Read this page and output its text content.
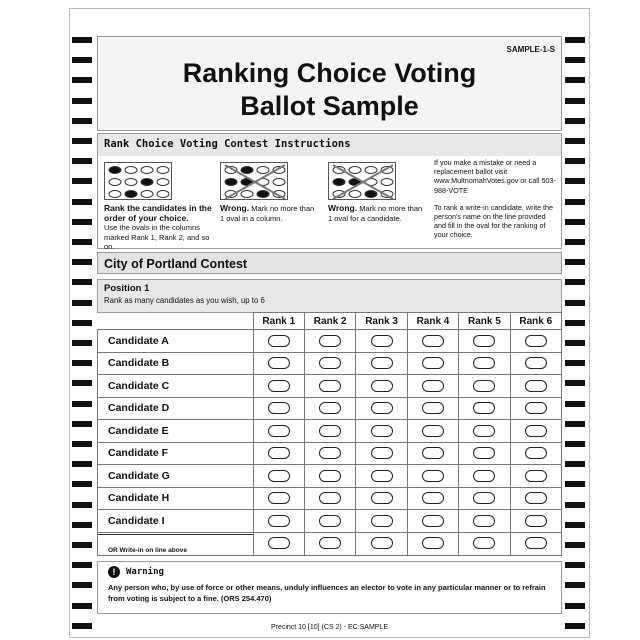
SAMPLE-1-S
Ranking Choice Voting
Ballot Sample
Rank Choice Voting Contest Instructions
Rank the candidates in the order of your choice.
Use the ovals in the columns marked Rank 1, Rank 2, and so on.
Wrong. Mark no more than 1 oval in a column.
Wrong. Mark no more than 1 oval for a candidate.

If you make a mistake or need a replacement ballot visit www.MultnomahVotes.gov or call 503-988-VOTE

To rank a write-in candidate, write the person's name on the line provided and fill in the oval for the ranking of your choice.

City of Portland Contest
Position 1
Rank as many candidates as you wish, up to 6
	Rank 1	Rank 2	Rank 3	Rank 4	Rank 5	Rank 6
Candidate A						
Candidate B						
Candidate C						
Candidate D						
Candidate E						
Candidate F						
Candidate G						
Candidate H						
Candidate I						

OR Write-in on line above						

!	Warning
Any person who, by use of force or other means, unduly influences an elector to vote in any particular manner or to refrain from voting is subject to a fine. (ORS 254.470)
Precinct 10 [10] (CS 2) - EC:SAMPLE
